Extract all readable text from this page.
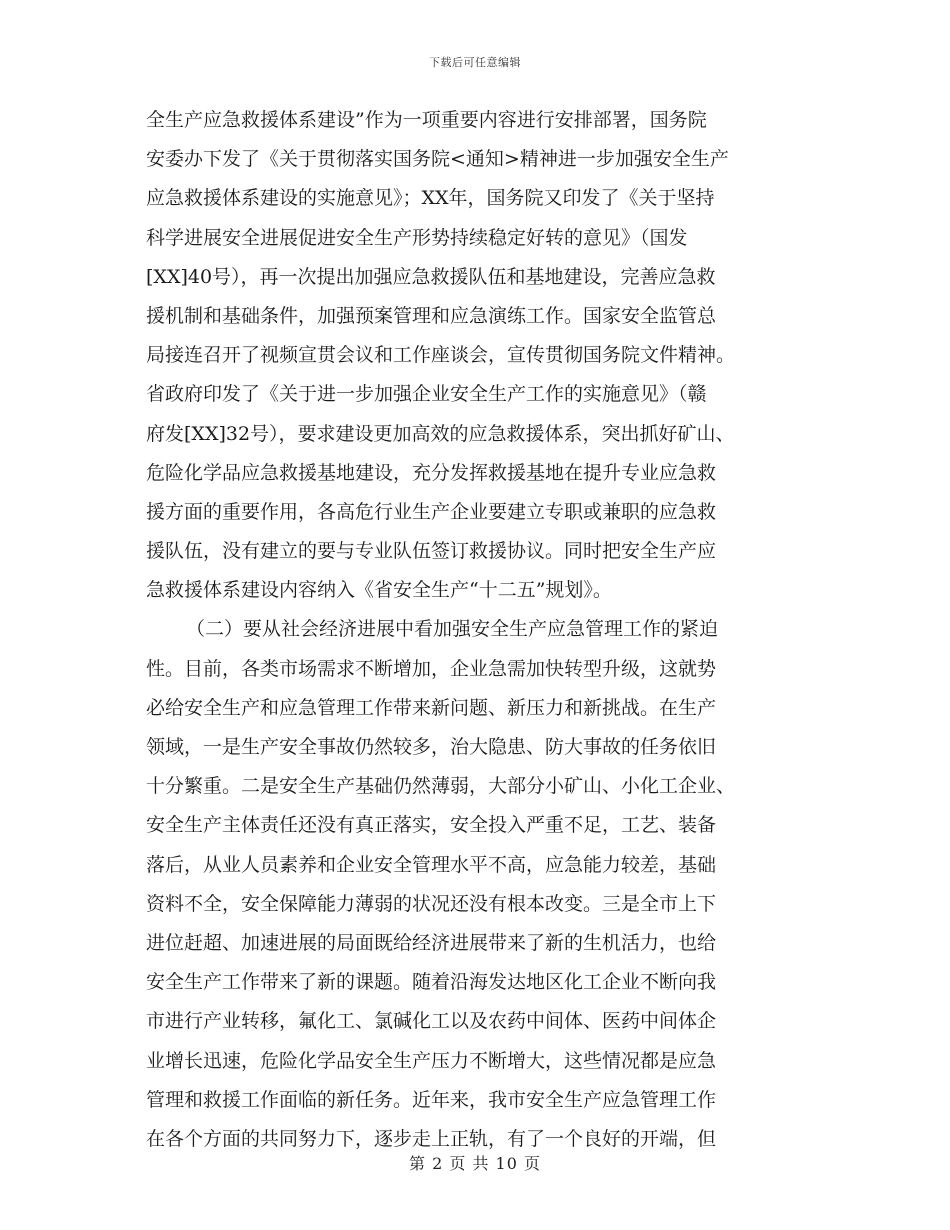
下载后可任意编辑
全生产应急救援体系建设”作为一项重要内容进行安排部署，国务院
安委办下发了《关于贯彻落实国务院<通知>精神进一步加强安全生产
应急救援体系建设的实施意见》；XX年，国务院又印发了《关于坚持
科学进展安全进展促进安全生产形势持续稳定好转的意见》（国发
[XX]40号），再一次提出加强应急救援队伍和基地建设，完善应急救
援机制和基础条件，加强预案管理和应急演练工作。国家安全监管总
局接连召开了视频宣贯会议和工作座谈会，宣传贯彻国务院文件精神。
省政府印发了《关于进一步加强企业安全生产工作的实施意见》（赣
府发[XX]32号），要求建设更加高效的应急救援体系，突出抓好矿山、
危险化学品应急救援基地建设，充分发挥救援基地在提升专业应急救
援方面的重要作用，各高危行业生产企业要建立专职或兼职的应急救
援队伍，没有建立的要与专业队伍签订救援协议。同时把安全生产应
急救援体系建设内容纳入《省安全生产“十二五”规划》。
（二）要从社会经济进展中看加强安全生产应急管理工作的紧迫
性。目前，各类市场需求不断增加，企业急需加快转型升级，这就势
必给安全生产和应急管理工作带来新问题、新压力和新挑战。在生产
领域，一是生产安全事故仍然较多，治大隐患、防大事故的任务依旧
十分繁重。二是安全生产基础仍然薄弱，大部分小矿山、小化工企业、
安全生产主体责任还没有真正落实，安全投入严重不足，工艺、装备
落后，从业人员素养和企业安全管理水平不高，应急能力较差，基础
资料不全，安全保障能力薄弱的状况还没有根本改变。三是全市上下
进位赶超、加速进展的局面既给经济进展带来了新的生机活力，也给
安全生产工作带来了新的课题。随着沿海发达地区化工企业不断向我
市进行产业转移，氟化工、氯碱化工以及农药中间体、医药中间体企
业增长迅速，危险化学品安全生产压力不断增大，这些情况都是应急
管理和救援工作面临的新任务。近年来，我市安全生产应急管理工作
在各个方面的共同努力下，逐步走上正轨，有了一个良好的开端，但
第 2 页 共 10 页
